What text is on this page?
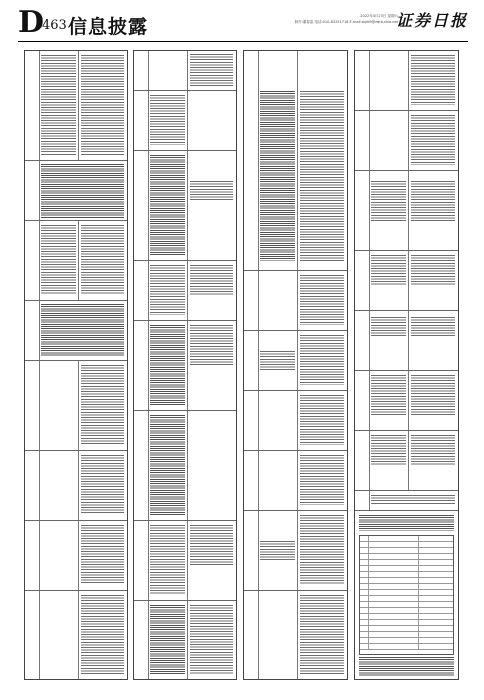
D
463 信息披露	2022年4月23日 星期六
制作:董春雷 电话:010-83251716 E-mail:zqrb9@zqrb.sina.net
证券日报
